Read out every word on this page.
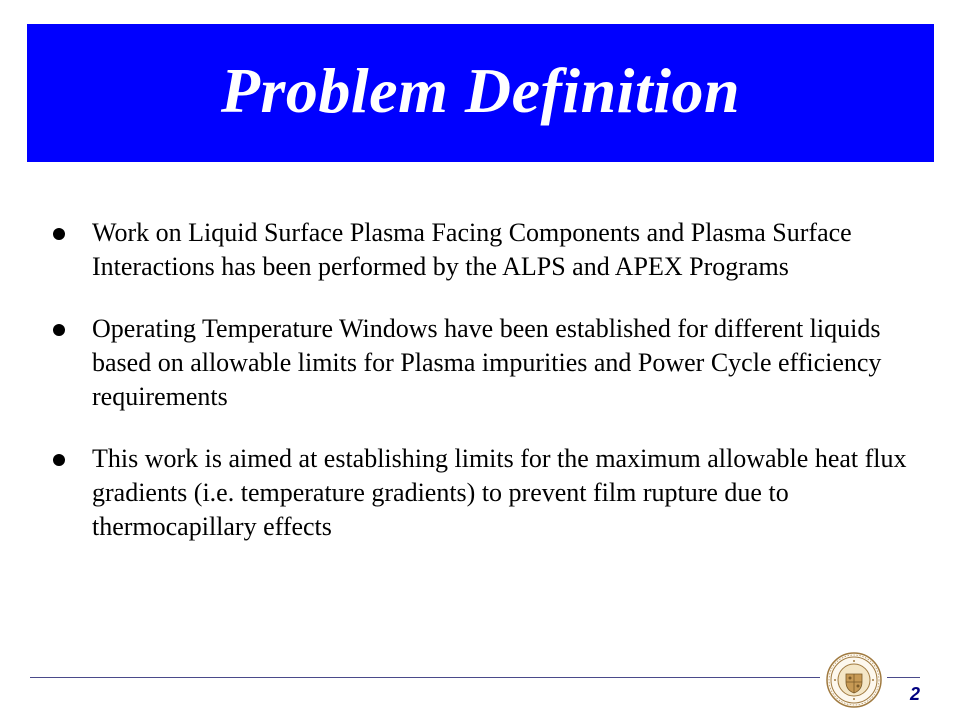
Problem Definition
Work on Liquid Surface Plasma Facing Components and Plasma Surface Interactions has been performed by the ALPS and APEX Programs
Operating Temperature Windows have been established for different liquids based on allowable limits for Plasma impurities and Power Cycle efficiency requirements
This work is aimed at establishing limits for the maximum allowable heat flux gradients (i.e. temperature gradients) to prevent film rupture due to thermocapillary effects
2
